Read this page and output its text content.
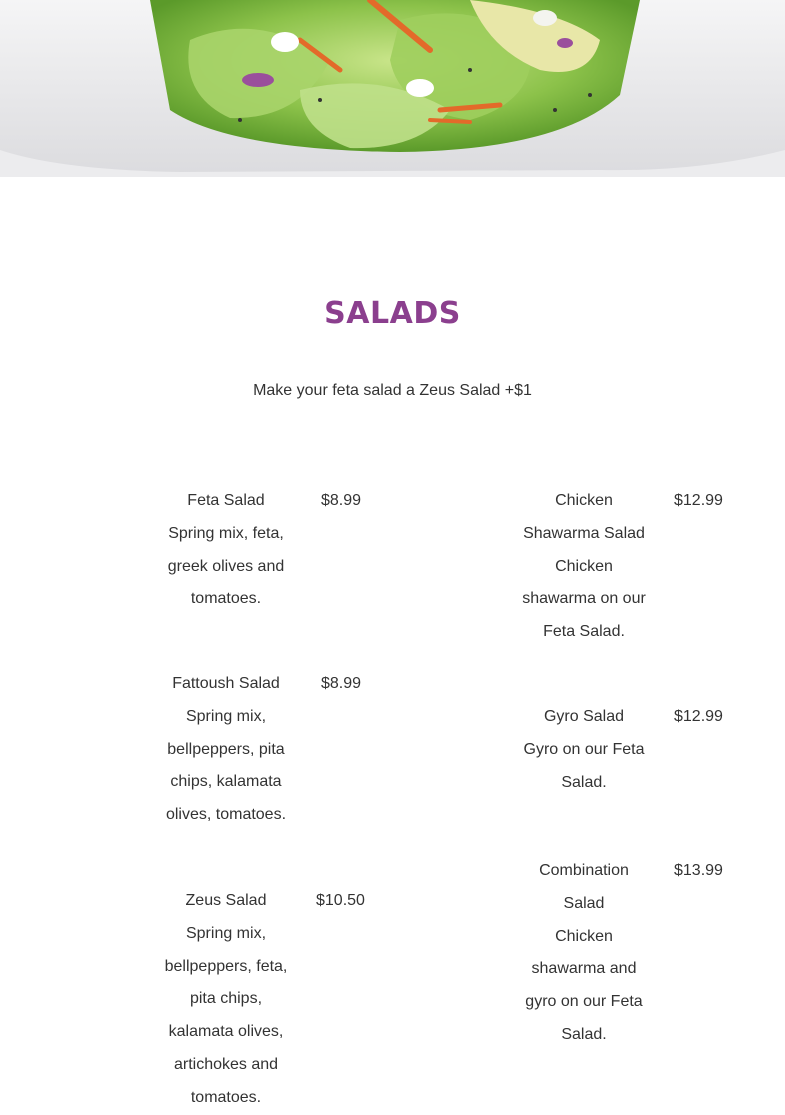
SALADS

Make your feta salad a Zeus Salad +$1

Feta Salad
Spring mix, feta, greek olives and tomatoes.
$8.99
Fattoush Salad
Spring mix, bellpeppers, pita chips, kalamata olives, tomatoes.
$8.99
Zeus Salad
Spring mix, bellpeppers, feta, pita chips, kalamata olives, artichokes and tomatoes.
$10.50
Chicken Shawarma Salad
Chicken shawarma on our Feta Salad.
$12.99
Gyro Salad
Gyro on our Feta Salad.
$12.99
Combination Salad
Chicken shawarma and gyro on our Feta Salad.
$13.99
